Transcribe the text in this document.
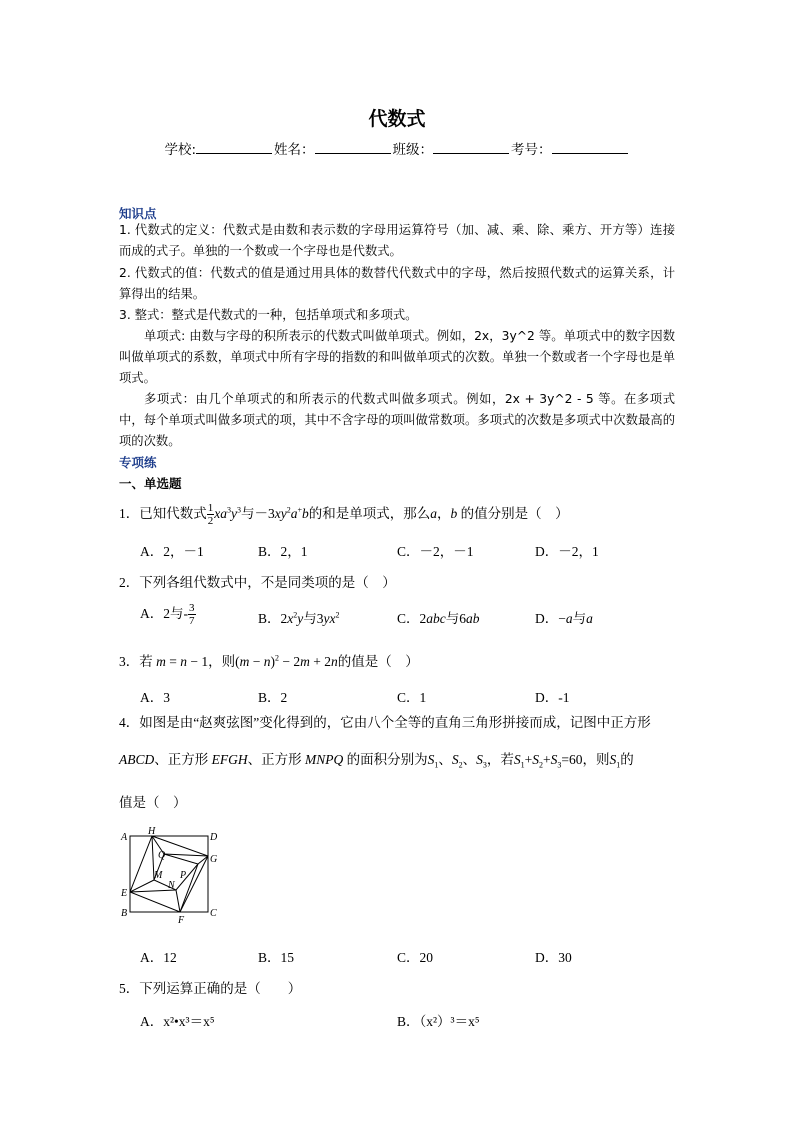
代数式
学校:	姓名：	班级：	考号：
知识点
1. 代数式的定义：代数式是由数和表示数的字母用运算符号（加、减、乘、除、乘方、开方等）连接而成的式子。单独的一个数或一个字母也是代数式。
2. 代数式的值：代数式的值是通过用具体的数替代代数式中的字母，然后按照代数式的运算关系，计算得出的结果。
3. 整式：整式是代数式的一种，包括单项式和多项式。
单项式: 由数与字母的积所表示的代数式叫做单项式。例如，2x，3y^2 等。单项式中的数字因数叫做单项式的系数，单项式中所有字母的指数的和叫做单项式的次数。单独一个数或者一个字母也是单项式。
多项式：由几个单项式的和所表示的代数式叫做多项式。例如，2x + 3y^2 - 5 等。在多项式中，每个单项式叫做多项式的项，其中不含字母的项叫做常数项。多项式的次数是多项式中次数最高的项的次数。
专项练
一、单选题
1．已知代数式 $\frac{1}{2} xa^3y^3$与$-3xy^2a^+b$的和是单项式，那么a，b 的值分别是（　）
A．2，－1	B．2，1	C．－2，－1	D．－2，1
2．下列各组代数式中，不是同类项的是（　）
A．2与- $\frac{3}{7}$	B．$2x^2y$与$3yx^2$	C．2abc与6ab	D．−a与a
3．若 m = n − 1，则$(m - n)^2 - 2m + 2n$的值是（　）
A．3	B．2	C．1	D．-1
4．如图是由“赵爽弦图”变化得到的，它由八个全等的直角三角形拼接而成，记图中正方形
ABCD、正方形 EFGH、正方形 MNPQ 的面积分别为$S_1$、$S_2$、$S_3$，若$S_1+S_2+S_3=60$，则$S_1$的
值是（　）
A
H
D
Q	G
M P
N
E
B
F
C
A．12	B．15	C．20	D．30
5．下列运算正确的是（　　）
A．x²•x³＝x⁵	B．（x²）³＝x⁵
